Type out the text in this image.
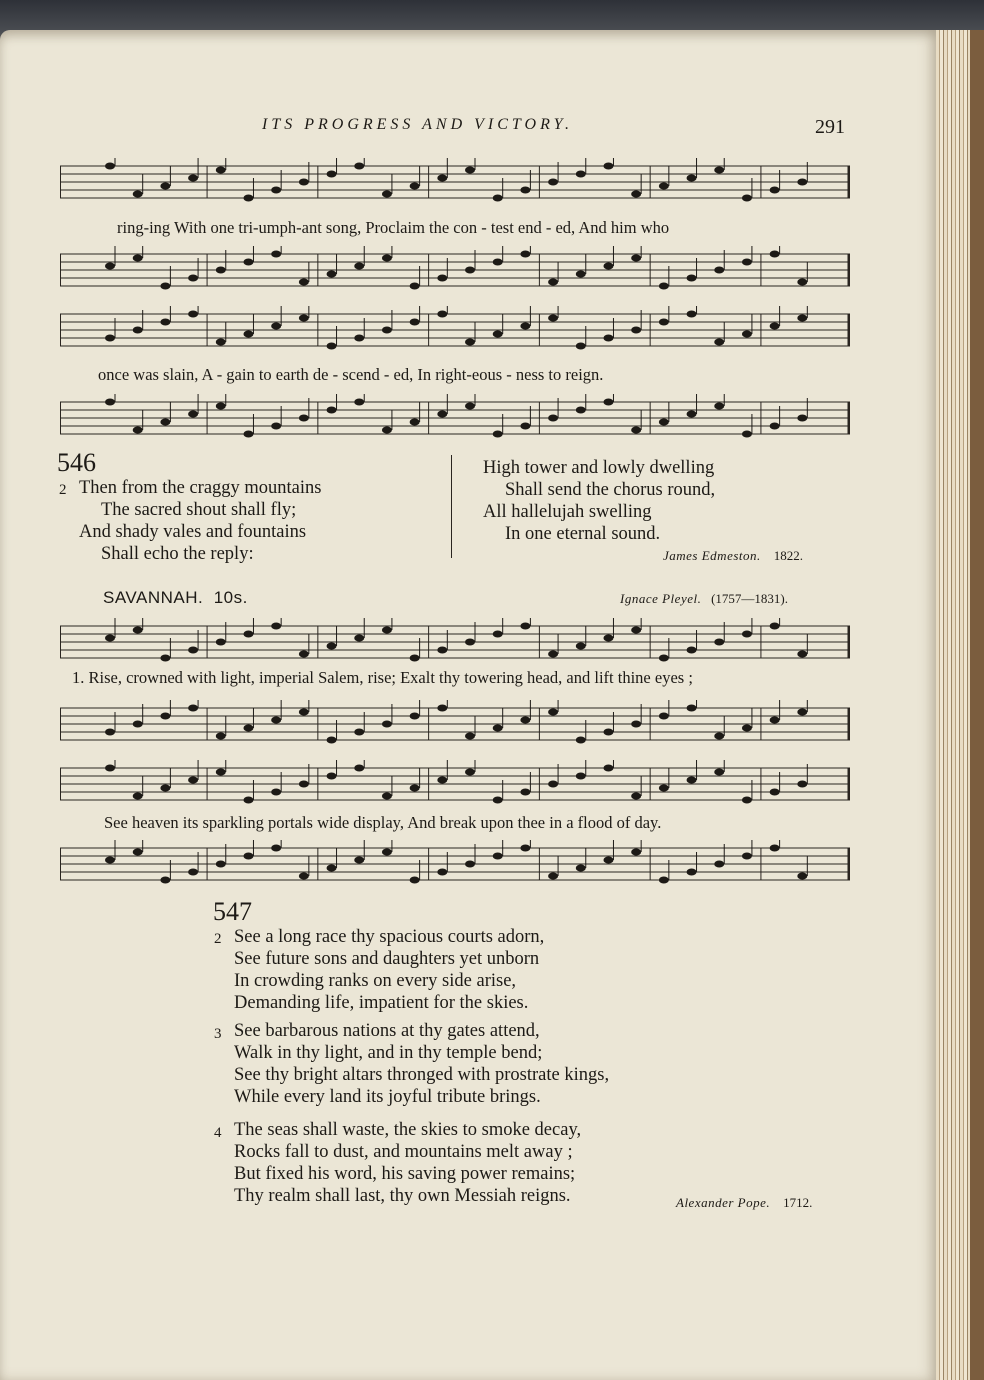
ITS PROGRESS AND VICTORY.	291
ring-ing With one tri-umph-ant song, Proclaim the con - test end - ed, And him who
once was slain, A - gain to earth de - scend - ed, In right-eous - ness to reign.
546
2 Then from the craggy mountains
The sacred shout shall fly;
And shady vales and fountains
Shall echo the reply:
High tower and lowly dwelling
Shall send the chorus round,
All hallelujah swelling
In one eternal sound.
James Edmeston. 1822.
SAVANNAH. 10s.	Ignace Pleyel. (1757—1831).
1. Rise, crowned with light, imperial Salem, rise; Exalt thy towering head, and lift thine eyes ;
See heaven its sparkling portals wide display, And break upon thee in a flood of day.
547
2 See a long race thy spacious courts adorn,
See future sons and daughters yet unborn
In crowding ranks on every side arise,
Demanding life, impatient for the skies.
3 See barbarous nations at thy gates attend,
Walk in thy light, and in thy temple bend;
See thy bright altars thronged with prostrate kings,
While every land its joyful tribute brings.
4 The seas shall waste, the skies to smoke decay,
Rocks fall to dust, and mountains melt away ;
But fixed his word, his saving power remains;
Thy realm shall last, thy own Messiah reigns.	Alexander Pope. 1712.
